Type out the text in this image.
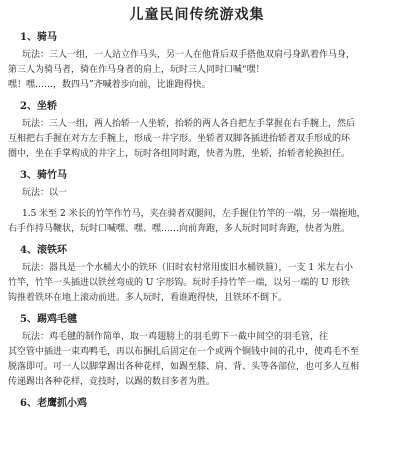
儿童民间传统游戏集
1、骑马

玩法：三人一组，一人站立作马头，另一人在他背后双手搭他双肩弓身趴着作马身，
第三人为骑马者，骑在作马身者的肩上，玩时三人同时口喊“嘿！
嘿！嘿……，数四马”齐喊着步向前，比谁跑得快。

2、坐轿

玩法：三人一组，两人抬轿一人坐轿，抬轿的两人各自把左手掌握在右手腕上，然后
互相把右手握在对方左手腕上，形成一井字形。坐轿者双脚各插进抬轿者双手形成的环
圈中，坐在手掌构成的井字上，玩时各组同时跑，快者为胜，坐轿，抬轿者轮换担任。

3、骑竹马

玩法：以一
1.5 米至 2 米长的竹竿作竹马，夹在骑者双腿间，左手握住竹竿的一端，另一端拖地，
右手作持马鞭状，玩时口喊嘿、嘿、嘿……向前奔跑，多人玩时同时奔跑，快者为胜。

4、滚铁环

玩法：器具是一个水桶大小的铁环（旧时农村常用废旧水桶铁箍），一支 1 米左右小
竹竿，竹竿一头插进以铁丝弯成的 U 字形钩。玩时手持竹竿一端，以另一端的 U 形铁
钩推着铁环在地上滚动前进。多人玩时，看谁跑得快，且铁环不倒下。

5、踢鸡毛毽

玩法：鸡毛毽的制作简单，取一鸡翅膀上的羽毛剪下一截中间空的羽毛管，往
其空管中插进一束鸡鸭毛，再以布捆扎后固定在一个或两个铜钱中间的孔中，使鸡毛不至
脱落即可。可一人以脚掌踢出各种花样，如踢至膝、肩、背、头等各部位，也可多人互相
传递踢出各种花样，竞技时，以踢的数目多者为胜。

6、老鹰抓小鸡
